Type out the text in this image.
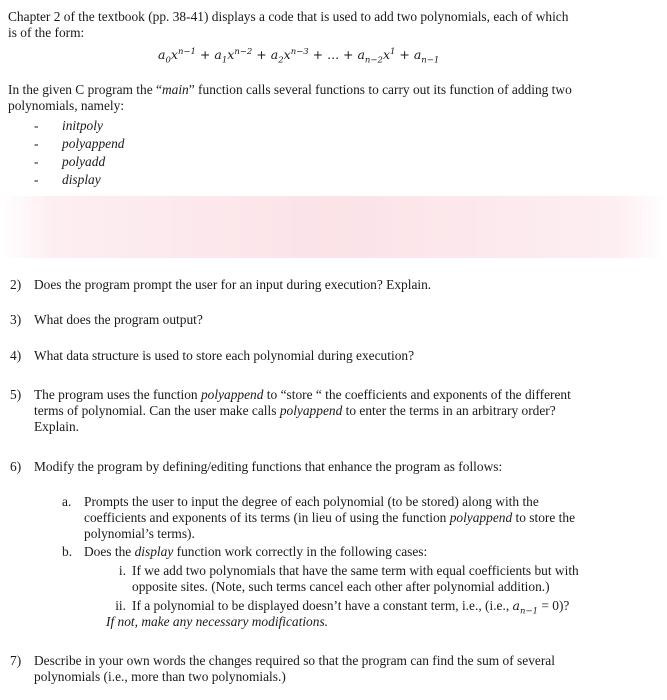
Chapter 2 of the textbook (pp. 38-41) displays a code that is used to add two polynomials, each of which
is of the form:
$a_0x^{n-1} + a_1x^{n-2} + a_2x^{n-3}$ + ... + $a_{n-2}x^1 + a_{n-1}$
In the given C program the “main” function calls several functions to carry out its function of adding two
polynomials, namely:
- initpoly
- polyappend
- polyadd
- display
2) Does the program prompt the user for an input during execution? Explain.
3) What does the program output?
4) What data structure is used to store each polynomial during execution?
5) The program uses the function polyappend to “store “ the coefficients and exponents of the different
terms of polynomial. Can the user make calls polyappend to enter the terms in an arbitrary order?
Explain.
6) Modify the program by defining/editing functions that enhance the program as follows:
a. Prompts the user to input the degree of each polynomial (to be stored) along with the
coefficients and exponents of its terms (in lieu of using the function polyappend to store the
polynomial’s terms).
b. Does the display function work correctly in the following cases:
i. If we add two polynomials that have the same term with equal coefficients but with
opposite sites. (Note, such terms cancel each other after polynomial addition.)
ii. If a polynomial to be displayed doesn’t have a constant term, i.e., (i.e., $a_{n-1} = 0$)?
If not, make any necessary modifications.
7) Describe in your own words the changes required so that the program can find the sum of several
polynomials (i.e., more than two polynomials.)
